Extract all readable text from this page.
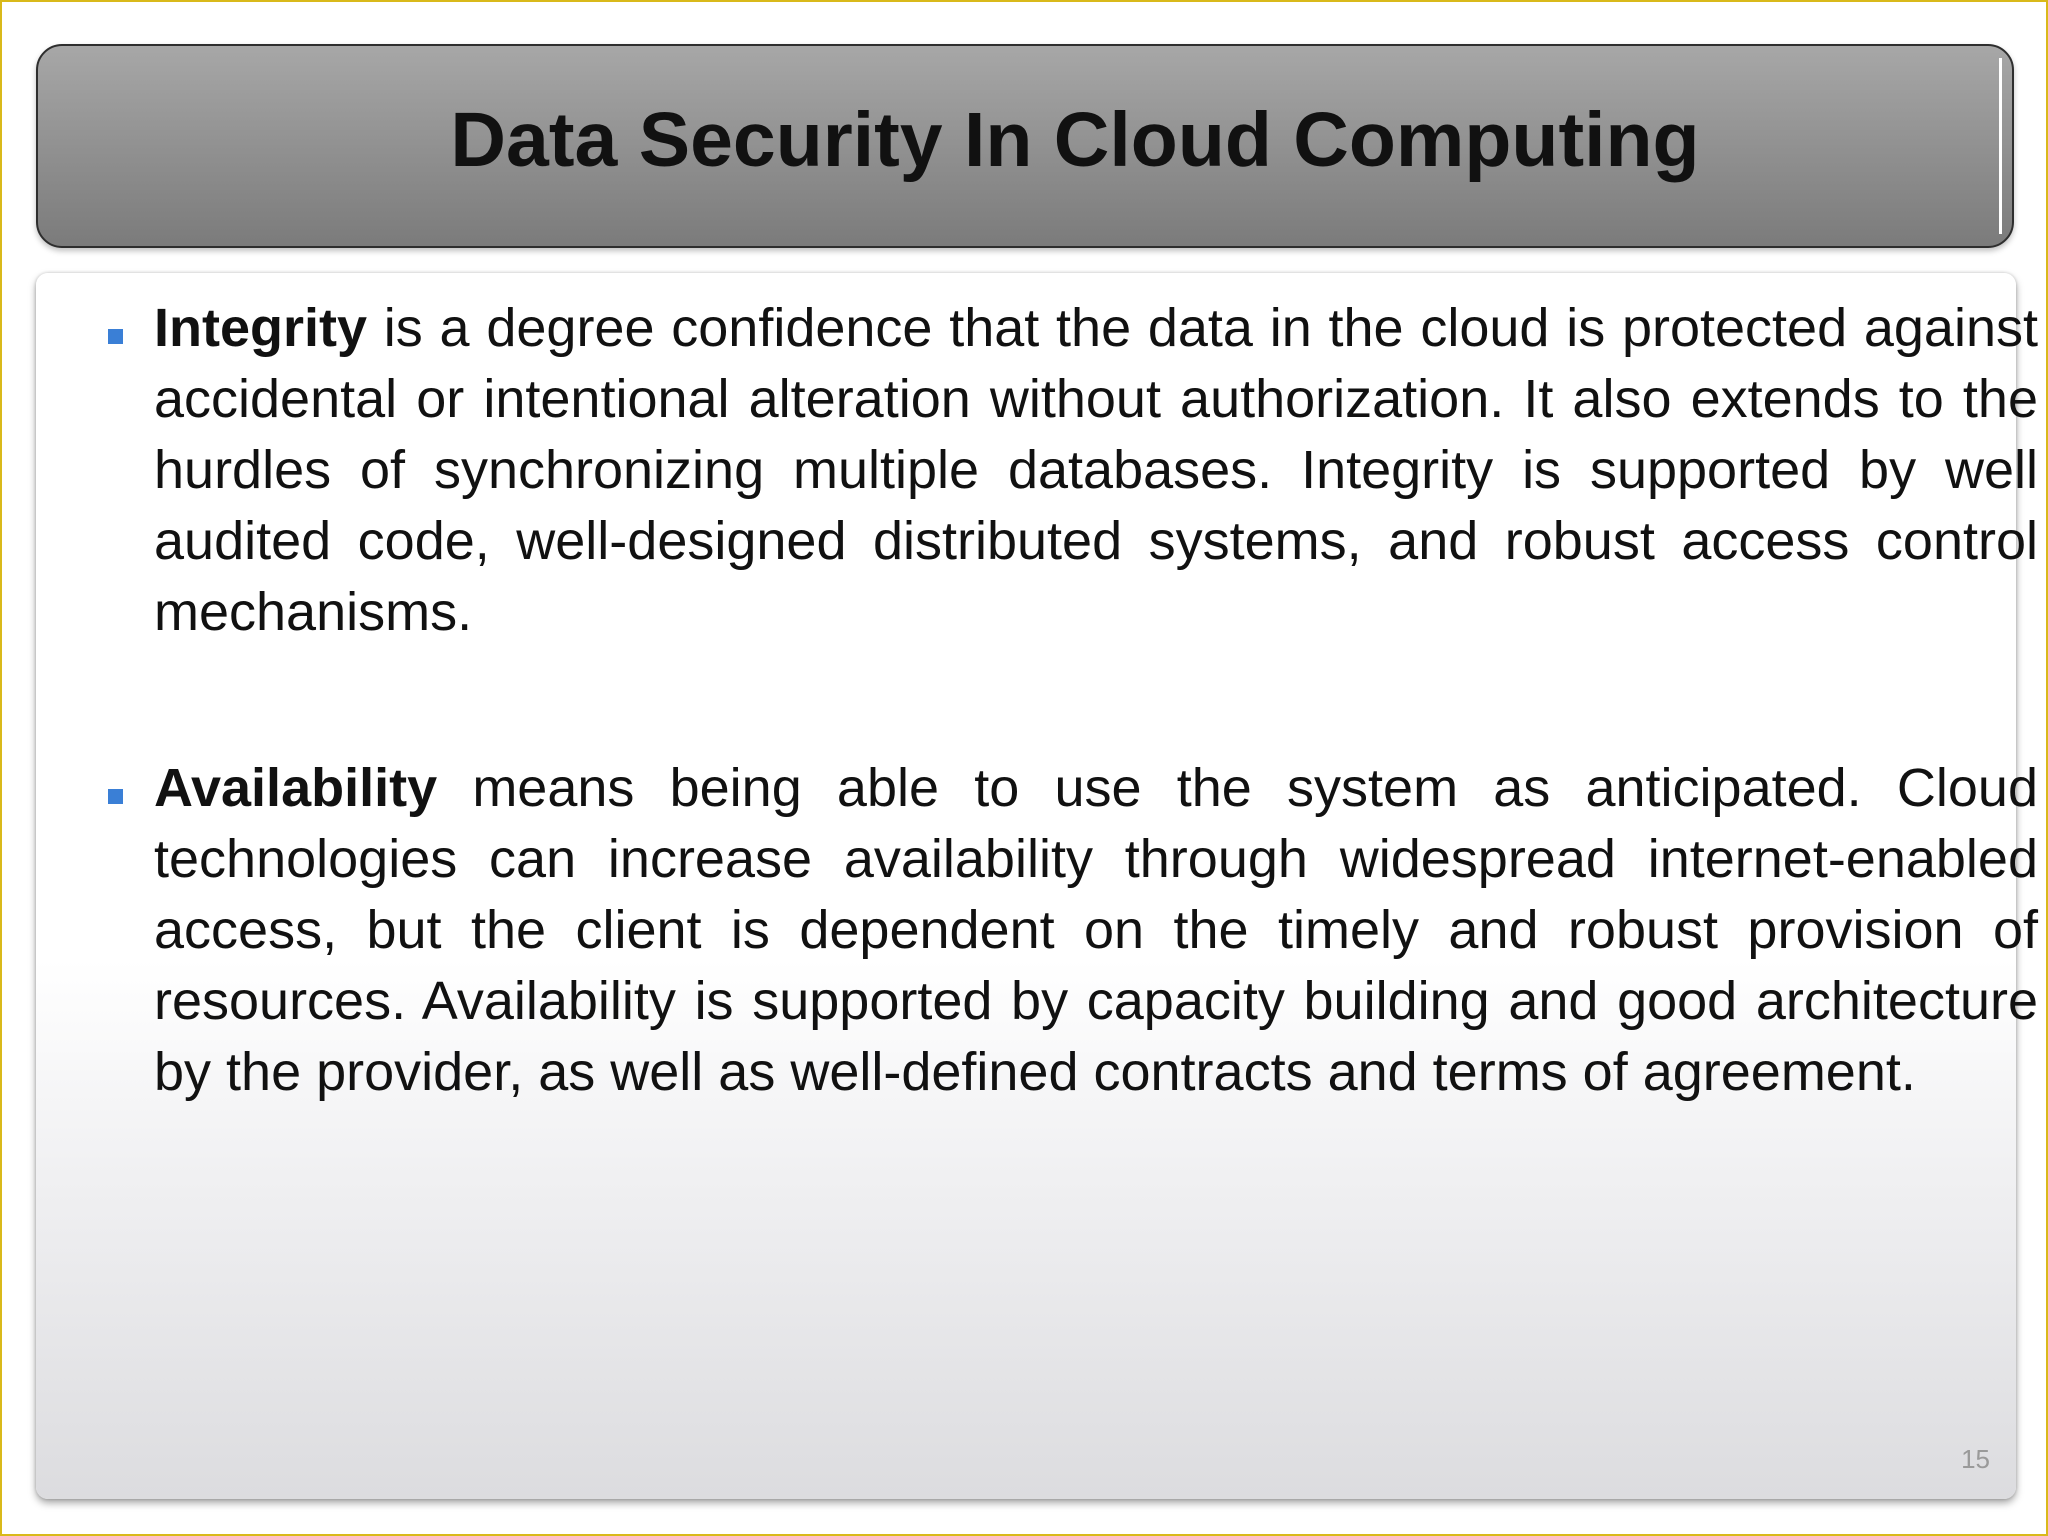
Data Security In Cloud Computing

Integrity is a degree confidence that the data in the cloud is protected against accidental or intentional alteration without authorization. It also extends to the hurdles of synchronizing multiple databases. Integrity is supported by well audited code, well-designed distributed systems, and robust access control mechanisms.

Availability means being able to use the system as anticipated. Cloud technologies can increase availability through widespread internet-enabled access, but the client is dependent on the timely and robust provision of resources. Availability is supported by capacity building and good architecture by the provider, as well as well-defined contracts and terms of agreement.

15
